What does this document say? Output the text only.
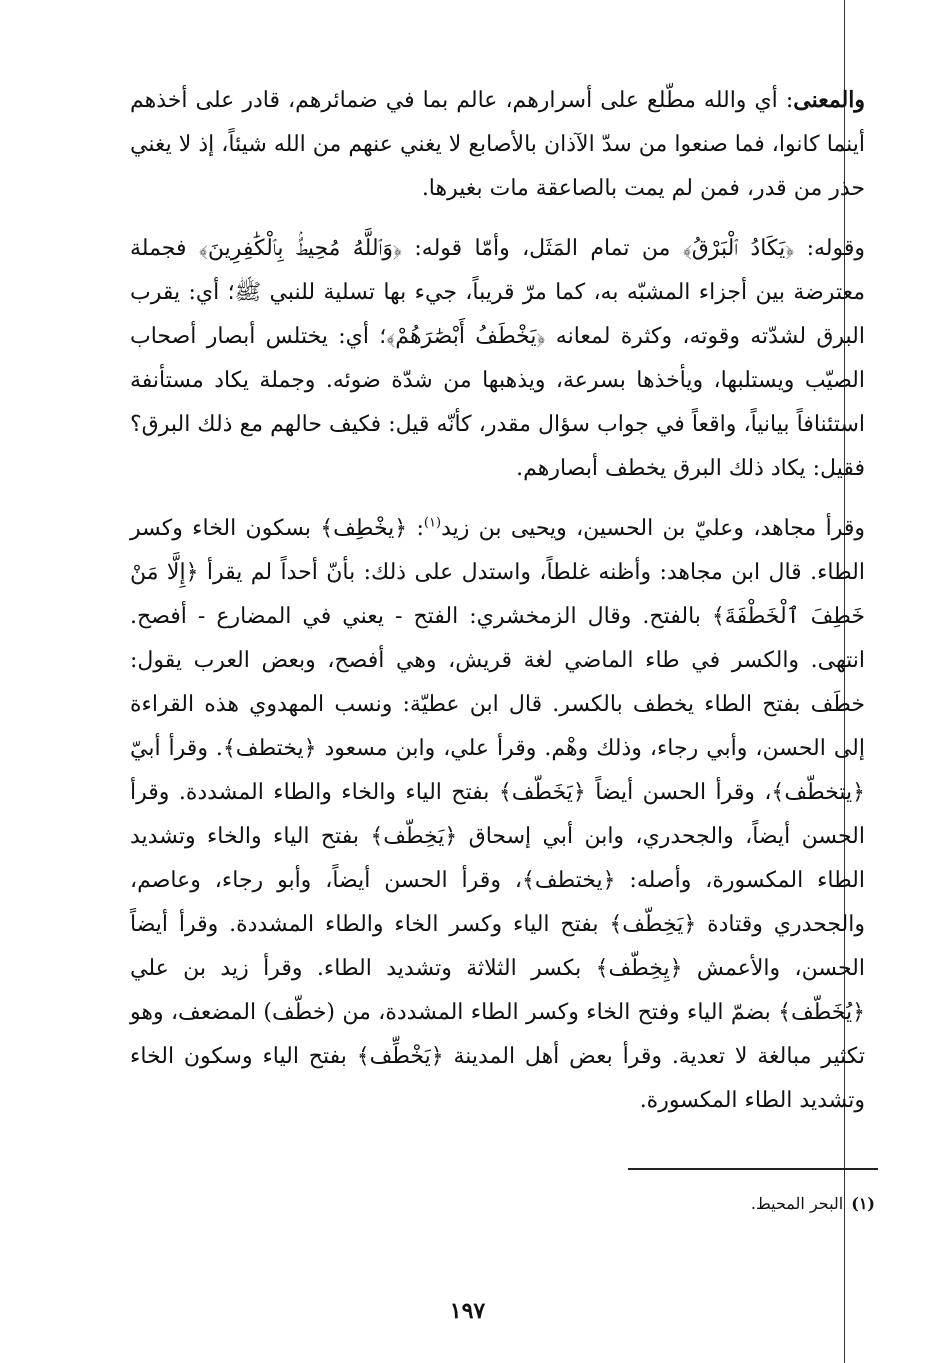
والمعنى: أي والله مطّلع على أسرارهم، عالم بما في ضمائرهم، قادر على أخذهم أينما كانوا، فما صنعوا من سدّ الآذان بالأصابع لا يغني عنهم من الله شيئاً، إذ لا يغني حذر من قدر، فمن لم يمت بالصاعقة مات بغيرها.

وقوله: ﴿يَكَادُ ٱلْبَرْقُ﴾ من تمام المَثَل، وأمّا قوله: ﴿وَٱللَّهُ مُحِيطٌۢ بِٱلْكَٰفِرِينَ﴾ فجملة معترضة بين أجزاء المشبّه به، كما مرّ قريباً، جيء بها تسلية للنبي ﷺ؛ أي: يقرب البرق لشدّته وقوته، وكثرة لمعانه ﴿يَخْطَفُ أَبْصَٰرَهُمْ﴾؛ أي: يختلس أبصار أصحاب الصيّب ويستلبها، ويأخذها بسرعة، ويذهبها من شدّة ضوئه. وجملة يكاد مستأنفة استئنافاً بيانياً، واقعاً في جواب سؤال مقدر، كأنّه قيل: فكيف حالهم مع ذلك البرق؟ فقيل: يكاد ذلك البرق يخطف أبصارهم.

وقرأ مجاهد، وعليّ بن الحسين، ويحيى بن زيد$^{(١)}$: ﴿يخْطِف﴾ بسكون الخاء وكسر الطاء. قال ابن مجاهد: وأظنه غلطاً، واستدل على ذلك: بأنّ أحداً لم يقرأ ﴿إِلَّا مَنْ خَطِفَ ٱلْخَطْفَةَ﴾ بالفتح. وقال الزمخشري: الفتح - يعني في المضارع - أفصح. انتهى. والكسر في طاء الماضي لغة قريش، وهي أفصح، وبعض العرب يقول: خطَف بفتح الطاء يخطف بالكسر. قال ابن عطيّة: ونسب المهدوي هذه القراءة إلى الحسن، وأبي رجاء، وذلك وهْم. وقرأ علي، وابن مسعود ﴿يختطف﴾. وقرأ أبيّ ﴿يتخطّف﴾، وقرأ الحسن أيضاً ﴿يَخَطّف﴾ بفتح الياء والخاء والطاء المشددة. وقرأ الحسن أيضاً، والجحدري، وابن أبي إسحاق ﴿يَخِطّف﴾ بفتح الياء والخاء وتشديد الطاء المكسورة، وأصله: ﴿يختطف﴾، وقرأ الحسن أيضاً، وأبو رجاء، وعاصم، والجحدري وقتادة ﴿يَخِطّف﴾ بفتح الياء وكسر الخاء والطاء المشددة. وقرأ أيضاً الحسن، والأعمش ﴿يِخِطّف﴾ بكسر الثلاثة وتشديد الطاء. وقرأ زيد بن علي ﴿يُخَطّف﴾ بضمّ الياء وفتح الخاء وكسر الطاء المشددة، من (خطّف) المضعف، وهو تكثير مبالغة لا تعدية. وقرأ بعض أهل المدينة ﴿يَخْطِّف﴾ بفتح الياء وسكون الخاء وتشديد الطاء المكسورة.

(١)البحر المحيط.
١٩٧
